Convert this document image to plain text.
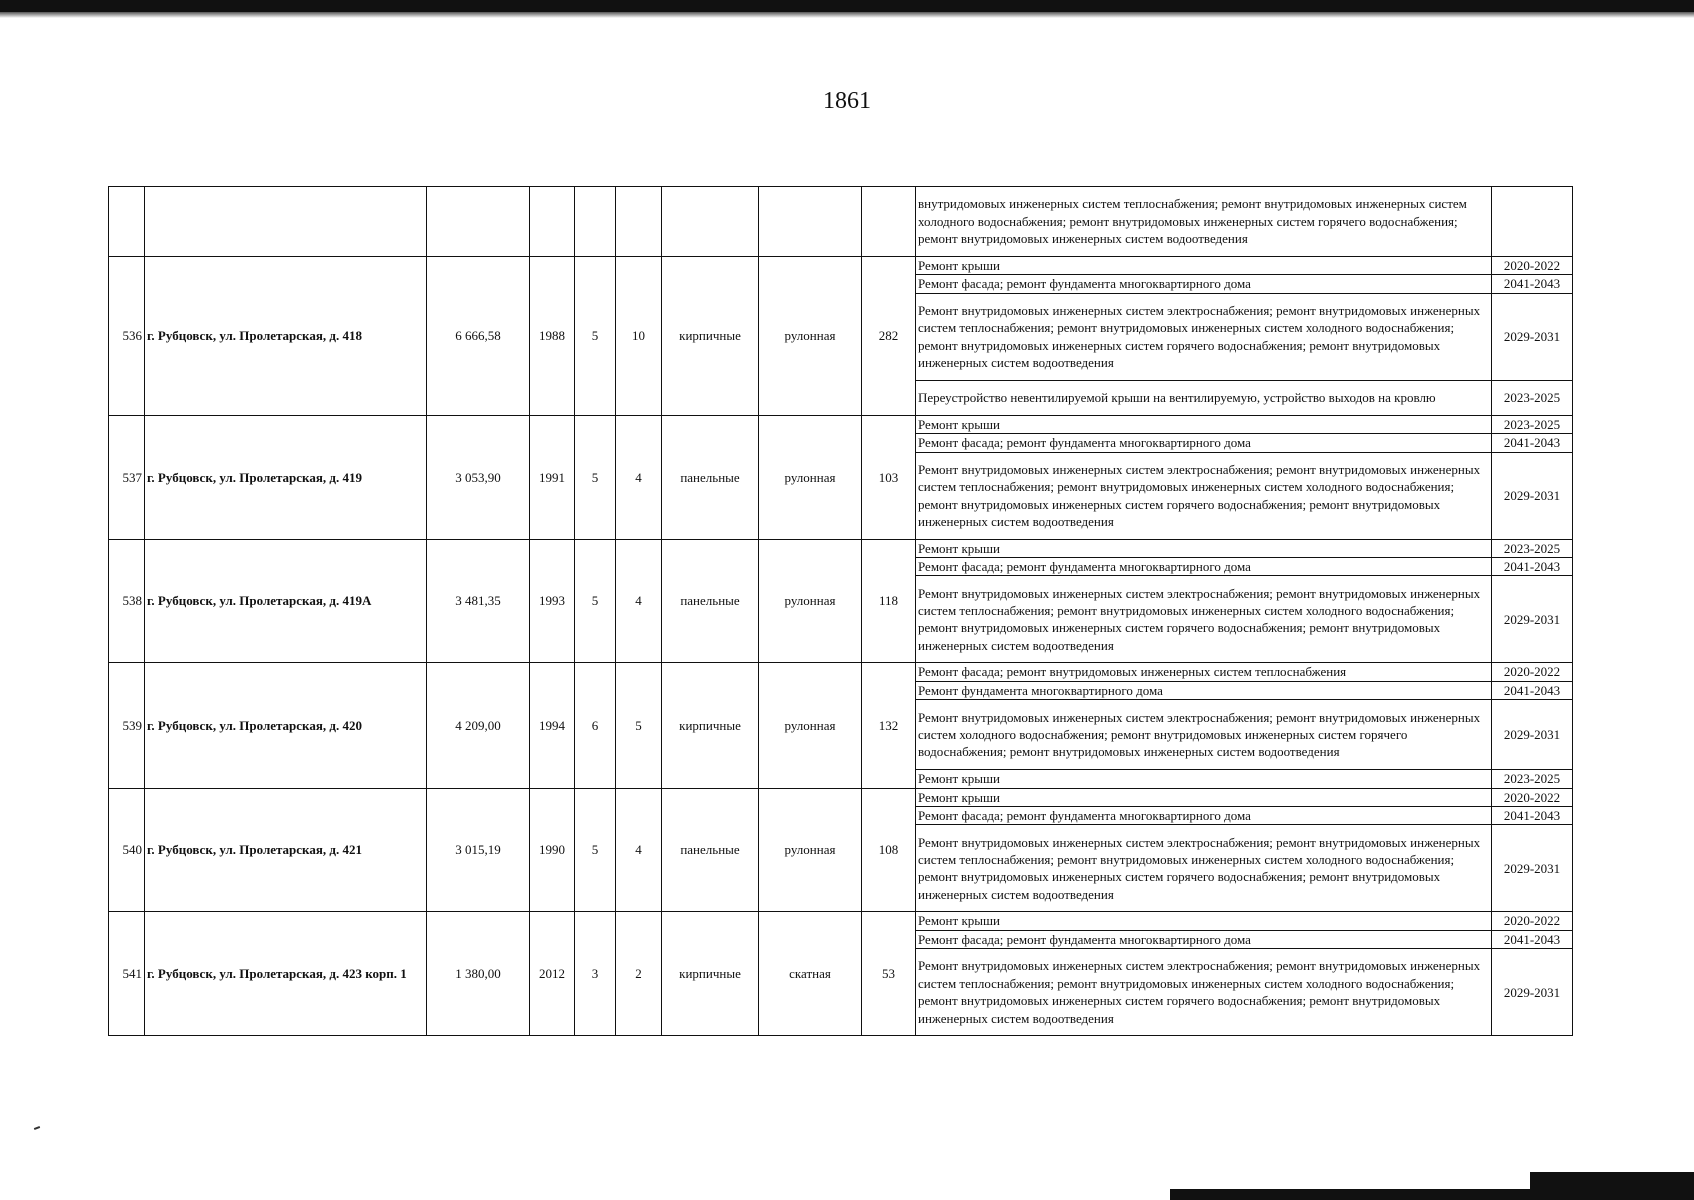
1861
									внутридомовых инженерных систем теплоснабжения; ремонт внутридомовых инженерных систем холодного водоснабжения; ремонт внутридомовых инженерных систем горячего водоснабжения; ремонт внутридомовых инженерных систем водоотведения	
536	г. Рубцовск, ул. Пролетарская, д. 418	6 666,58	1988	5	10	кирпичные	рулонная	282	Ремонт крыши	2020-2022
									Ремонт фасада; ремонт фундамента многоквартирного дома	2041-2043
									Ремонт внутридомовых инженерных систем электроснабжения; ремонт внутридомовых инженерных систем теплоснабжения; ремонт внутридомовых инженерных систем холодного водоснабжения; ремонт внутридомовых инженерных систем горячего водоснабжения; ремонт внутридомовых инженерных систем водоотведения	2029-2031
									Переустройство невентилируемой крыши на вентилируемую, устройство выходов на кровлю	2023-2025
537	г. Рубцовск, ул. Пролетарская, д. 419	3 053,90	1991	5	4	панельные	рулонная	103	Ремонт крыши	2023-2025
									Ремонт фасада; ремонт фундамента многоквартирного дома	2041-2043
									Ремонт внутридомовых инженерных систем электроснабжения; ремонт внутридомовых инженерных систем теплоснабжения; ремонт внутридомовых инженерных систем холодного водоснабжения; ремонт внутридомовых инженерных систем горячего водоснабжения; ремонт внутридомовых инженерных систем водоотведения	2029-2031
538	г. Рубцовск, ул. Пролетарская, д. 419А	3 481,35	1993	5	4	панельные	рулонная	118	Ремонт крыши	2023-2025
									Ремонт фасада; ремонт фундамента многоквартирного дома	2041-2043
									Ремонт внутридомовых инженерных систем электроснабжения; ремонт внутридомовых инженерных систем теплоснабжения; ремонт внутридомовых инженерных систем холодного водоснабжения; ремонт внутридомовых инженерных систем горячего водоснабжения; ремонт внутридомовых инженерных систем водоотведения	2029-2031
539	г. Рубцовск, ул. Пролетарская, д. 420	4 209,00	1994	6	5	кирпичные	рулонная	132	Ремонт фасада; ремонт внутридомовых инженерных систем теплоснабжения	2020-2022
									Ремонт фундамента многоквартирного дома	2041-2043
									Ремонт внутридомовых инженерных систем электроснабжения; ремонт внутридомовых инженерных систем холодного водоснабжения; ремонт внутридомовых инженерных систем горячего водоснабжения; ремонт внутридомовых инженерных систем водоотведения	2029-2031
									Ремонт крыши	2023-2025
540	г. Рубцовск, ул. Пролетарская, д. 421	3 015,19	1990	5	4	панельные	рулонная	108	Ремонт крыши	2020-2022
									Ремонт фасада; ремонт фундамента многоквартирного дома	2041-2043
									Ремонт внутридомовых инженерных систем электроснабжения; ремонт внутридомовых инженерных систем теплоснабжения; ремонт внутридомовых инженерных систем холодного водоснабжения; ремонт внутридомовых инженерных систем горячего водоснабжения; ремонт внутридомовых инженерных систем водоотведения	2029-2031
541	г. Рубцовск, ул. Пролетарская, д. 423 корп. 1	1 380,00	2012	3	2	кирпичные	скатная	53	Ремонт крыши	2020-2022
									Ремонт фасада; ремонт фундамента многоквартирного дома	2041-2043
									Ремонт внутридомовых инженерных систем электроснабжения; ремонт внутридомовых инженерных систем теплоснабжения; ремонт внутридомовых инженерных систем холодного водоснабжения; ремонт внутридомовых инженерных систем горячего водоснабжения; ремонт внутридомовых инженерных систем водоотведения	2029-2031
